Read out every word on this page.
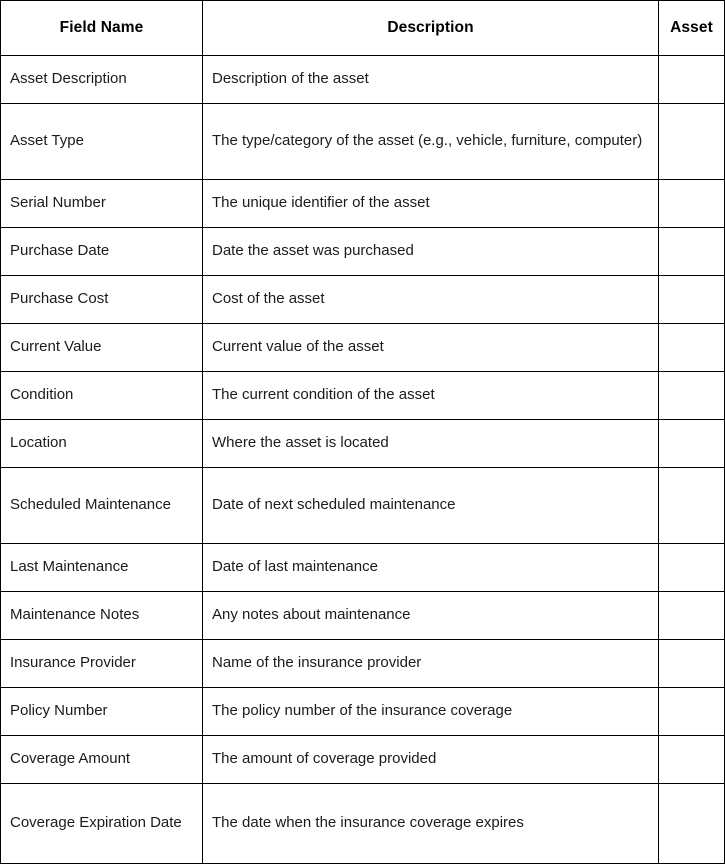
Field Name	Description	Asset
Asset Description	Description of the asset	
Asset Type	The type/category of the asset (e.g., vehicle, furniture, computer)	
Serial Number	The unique identifier of the asset	
Purchase Date	Date the asset was purchased	
Purchase Cost	Cost of the asset	
Current Value	Current value of the asset	
Condition	The current condition of the asset	
Location	Where the asset is located	
Scheduled Maintenance	Date of next scheduled maintenance	
Last Maintenance	Date of last maintenance	
Maintenance Notes	Any notes about maintenance	
Insurance Provider	Name of the insurance provider	
Policy Number	The policy number of the insurance coverage	
Coverage Amount	The amount of coverage provided	
Coverage Expiration Date	The date when the insurance coverage expires	
